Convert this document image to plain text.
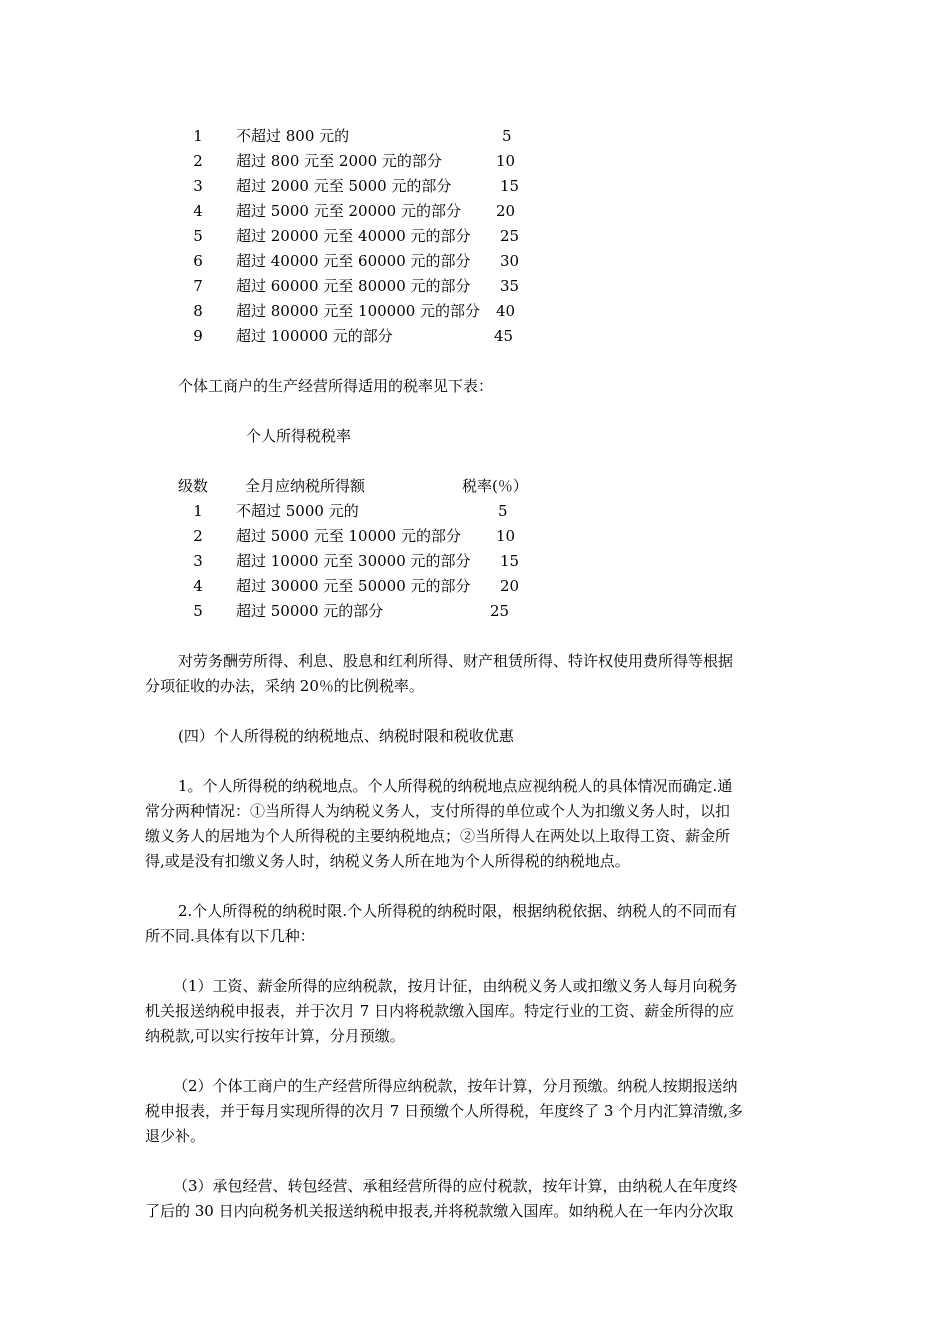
1	不超过 800 元的	5
2	超过 800 元至 2000 元的部分	10
3	超过 2000 元至 5000 元的部分	15
4	超过 5000 元至 20000 元的部分 20
5	超过 20000 元至 40000 元的部分 25
6	超过 40000 元至 60000 元的部分 30
7	超过 60000 元至 80000 元的部分 35
8	超过 80000 元至 100000 元的部分 40
9	超过 100000 元的部分	45
个体工商户的生产经营所得适用的税率见下表：
个人所得税税率
级数 全月应纳税所得额	税率(％）
1	不超过 5000 元的	5
2	超过 5000 元至 10000 元的部分 10
3	超过 10000 元至 30000 元的部分 15
4	超过 30000 元至 50000 元的部分 20
5	超过 50000 元的部分	25
对劳务酬劳所得、利息、股息和红利所得、财产租赁所得、特许权使用费所得等根据
分项征收的办法，采纳 20％的比例税率。
(四）个人所得税的纳税地点、纳税时限和税收优惠
1。个人所得税的纳税地点。个人所得税的纳税地点应视纳税人的具体情况而确定.通
常分两种情况：①当所得人为纳税义务人，支付所得的单位或个人为扣缴义务人时，以扣
缴义务人的居地为个人所得税的主要纳税地点；②当所得人在两处以上取得工资、薪金所
得,或是没有扣缴义务人时，纳税义务人所在地为个人所得税的纳税地点。
2.个人所得税的纳税时限.个人所得税的纳税时限，根据纳税依据、纳税人的不同而有
所不同.具体有以下几种：
（1）工资、薪金所得的应纳税款，按月计征，由纳税义务人或扣缴义务人每月向税务
机关报送纳税申报表，并于次月 7 日内将税款缴入国库。特定行业的工资、薪金所得的应
纳税款,可以实行按年计算，分月预缴。
（2）个体工商户的生产经营所得应纳税款，按年计算，分月预缴。纳税人按期报送纳
税申报表，并于每月实现所得的次月 7 日预缴个人所得税，年度终了 3 个月内汇算清缴,多
退少补。
（3）承包经营、转包经营、承租经营所得的应付税款，按年计算，由纳税人在年度终
了后的 30 日内向税务机关报送纳税申报表,并将税款缴入国库。如纳税人在一年内分次取
